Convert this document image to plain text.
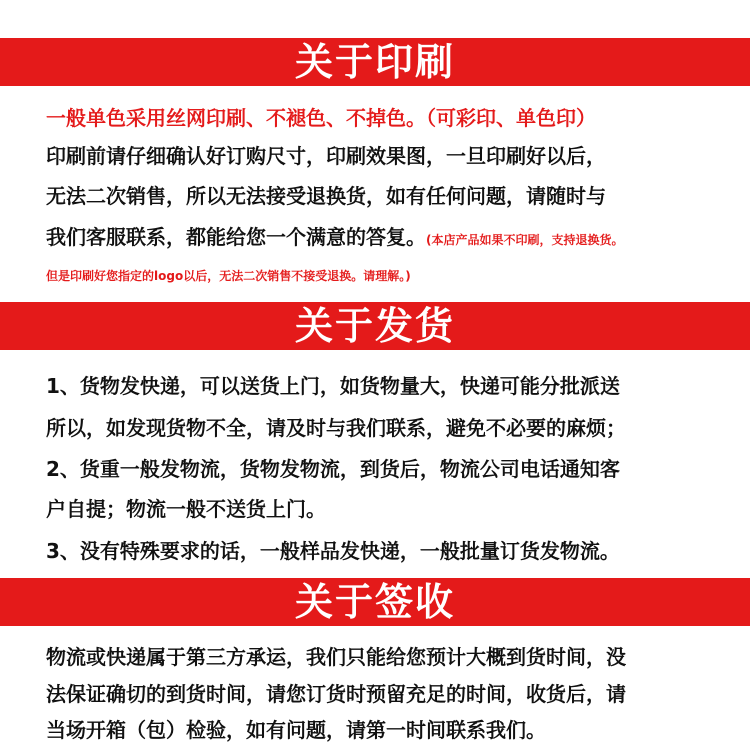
关于印刷
一般单色采用丝网印刷、不褪色、不掉色。（可彩印、单色印）
印刷前请仔细确认好订购尺寸，印刷效果图，一旦印刷好以后，
无法二次销售，所以无法接受退换货，如有任何问题，请随时与
我们客服联系，都能给您一个满意的答复。(本店产品如果不印刷，支持退换货。
但是印刷好您指定的logo以后，无法二次销售不接受退换。请理解。)
关于发货
1、货物发快递，可以送货上门，如货物量大，快递可能分批派送
所以，如发现货物不全，请及时与我们联系，避免不必要的麻烦；
2、货重一般发物流，货物发物流，到货后，物流公司电话通知客
户自提；物流一般不送货上门。
3、没有特殊要求的话，一般样品发快递，一般批量订货发物流。
关于签收
物流或快递属于第三方承运，我们只能给您预计大概到货时间，没
法保证确切的到货时间，请您订货时预留充足的时间，收货后，请
当场开箱（包）检验，如有问题，请第一时间联系我们。
